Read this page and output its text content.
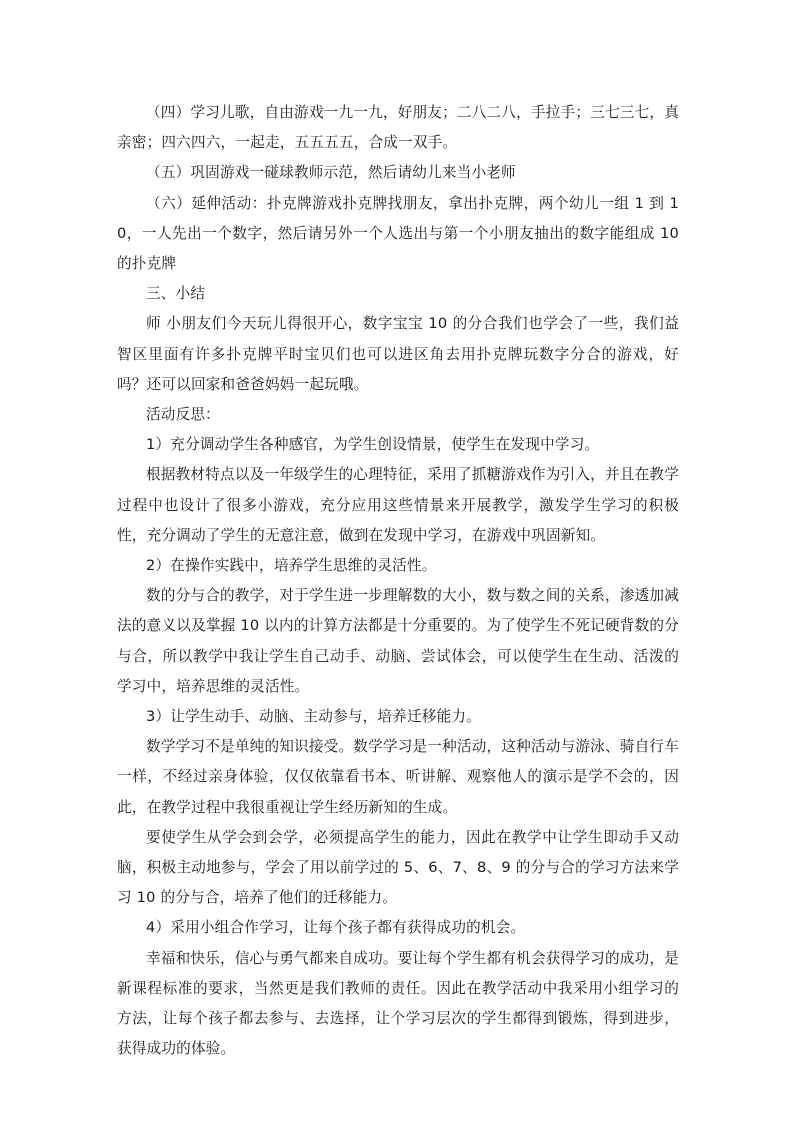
（四）学习儿歌，自由游戏一九一九，好朋友；二八二八，手拉手；三七三七，真亲密；四六四六，一起走，五五五五，合成一双手。

（五）巩固游戏一碰球教师示范，然后请幼儿来当小老师

（六）延伸活动：扑克牌游戏扑克牌找朋友，拿出扑克牌，两个幼儿一组 1 到 10，一人先出一个数字，然后请另外一个人选出与第一个小朋友抽出的数字能组成 10 的扑克牌

三、小结

师 小朋友们今天玩儿得很开心，数字宝宝 10 的分合我们也学会了一些，我们益智区里面有许多扑克牌平时宝贝们也可以进区角去用扑克牌玩数字分合的游戏，好吗？还可以回家和爸爸妈妈一起玩哦。

活动反思：

1）充分调动学生各种感官，为学生创设情景，使学生在发现中学习。

根据教材特点以及一年级学生的心理特征，采用了抓糖游戏作为引入，并且在教学过程中也设计了很多小游戏，充分应用这些情景来开展教学，激发学生学习的积极性，充分调动了学生的无意注意，做到在发现中学习，在游戏中巩固新知。

2）在操作实践中，培养学生思维的灵活性。

数的分与合的教学，对于学生进一步理解数的大小，数与数之间的关系，渗透加减法的意义以及掌握 10 以内的计算方法都是十分重要的。为了使学生不死记硬背数的分与合，所以教学中我让学生自己动手、动脑、尝试体会，可以使学生在生动、活泼的学习中，培养思维的灵活性。

3）让学生动手、动脑、主动参与，培养迁移能力。

数学学习不是单纯的知识接受。数学学习是一种活动，这种活动与游泳、骑自行车一样，不经过亲身体验，仅仅依靠看书本、听讲解、观察他人的演示是学不会的，因此，在教学过程中我很重视让学生经历新知的生成。

要使学生从学会到会学，必须提高学生的能力，因此在教学中让学生即动手又动脑，积极主动地参与，学会了用以前学过的 5、6、7、8、9 的分与合的学习方法来学习 10 的分与合，培养了他们的迁移能力。

4）采用小组合作学习，让每个孩子都有获得成功的机会。

幸福和快乐，信心与勇气都来自成功。要让每个学生都有机会获得学习的成功，是新课程标准的要求，当然更是我们教师的责任。因此在教学活动中我采用小组学习的方法，让每个孩子都去参与、去选择，让个学习层次的学生都得到锻炼，得到进步，获得成功的体验。
